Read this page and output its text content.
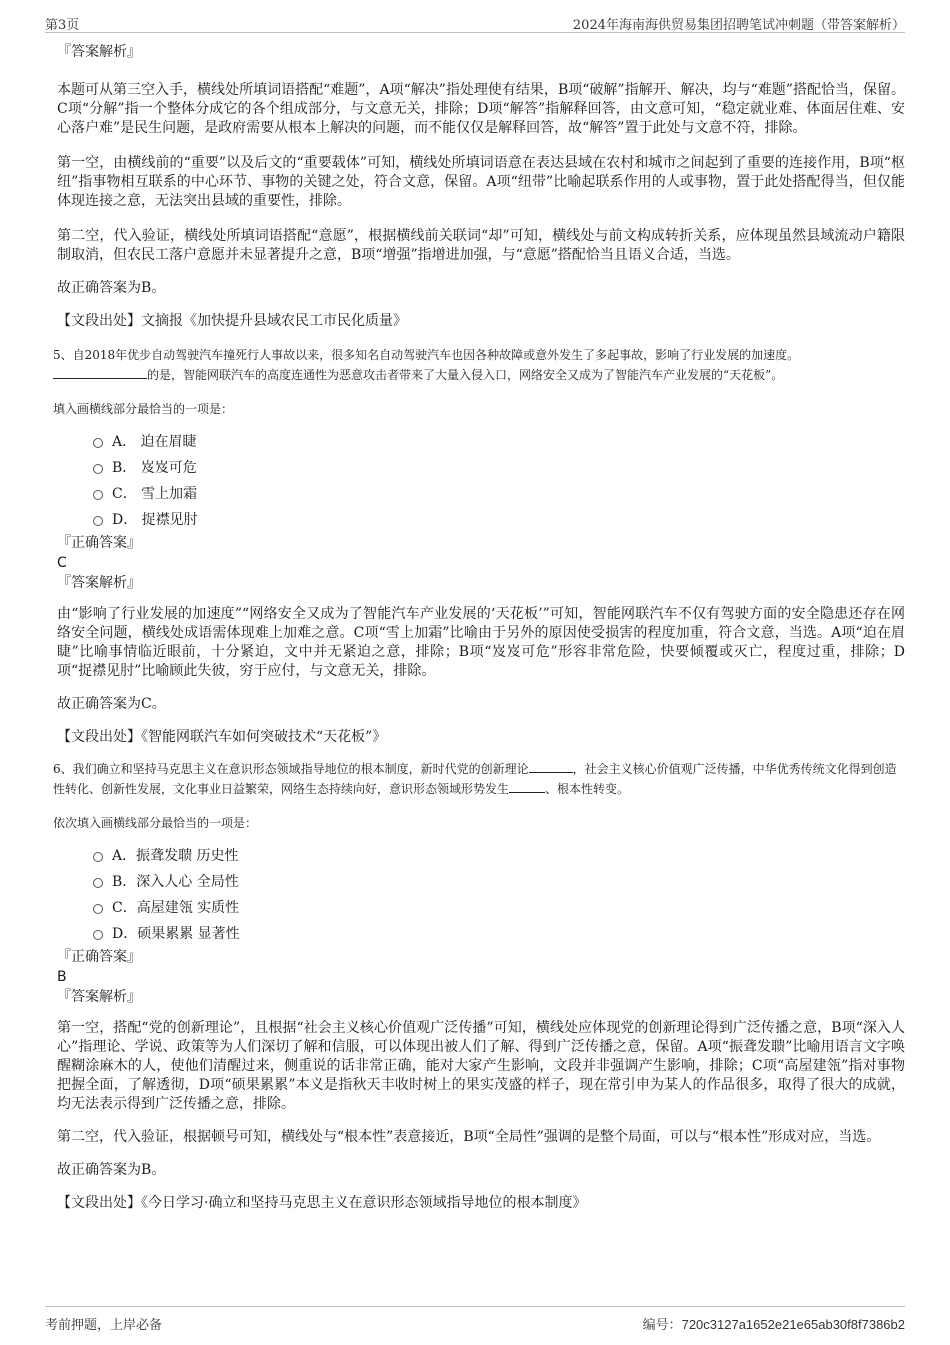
第3页	2024年海南海供贸易集团招聘笔试冲刺题（带答案解析）

『答案解析』

本题可从第三空入手，横线处所填词语搭配“难题”，A项“解决”指处理使有结果，B项“破解”指解开、解决，均与“难题”搭配恰当，保留。C项“分解”指一个整体分成它的各个组成部分，与文意无关，排除；D项“解答”指解释回答，由文意可知，“稳定就业难、体面居住难、安心落户难”是民生问题，是政府需要从根本上解决的问题，而不能仅仅是解释回答，故“解答”置于此处与文意不符，排除。

第一空，由横线前的“重要”以及后文的“重要载体”可知，横线处所填词语意在表达县域在农村和城市之间起到了重要的连接作用，B项“枢纽”指事物相互联系的中心环节、事物的关键之处，符合文意，保留。A项“纽带”比喻起联系作用的人或事物，置于此处搭配得当，但仅能体现连接之意，无法突出县域的重要性，排除。

第二空，代入验证，横线处所填词语搭配“意愿”，根据横线前关联词“却”可知，横线处与前文构成转折关系，应体现虽然县域流动户籍限制取消，但农民工落户意愿并未显著提升之意，B项“增强”指增进加强，与“意愿”搭配恰当且语义合适，当选。

故正确答案为B。

【文段出处】文摘报《加快提升县域农民工市民化质量》

5、自2018年优步自动驾驶汽车撞死行人事故以来，很多知名自动驾驶汽车也因各种故障或意外发生了多起事故，影响了行业发展的加速度。
的是，智能网联汽车的高度连通性为恶意攻击者带来了大量入侵入口，网络安全又成为了智能汽车产业发展的“天花板”。

填入画横线部分最恰当的一项是：

A． 迫在眉睫
B． 岌岌可危
C． 雪上加霜
D． 捉襟见肘

『正确答案』

C

『答案解析』

由“影响了行业发展的加速度”“网络安全又成为了智能汽车产业发展的‘天花板’”可知，智能网联汽车不仅有驾驶方面的安全隐患还存在网络安全问题，横线处成语需体现难上加难之意。C项“雪上加霜”比喻由于另外的原因使受损害的程度加重，符合文意，当选。A项“迫在眉睫”比喻事情临近眼前，十分紧迫，文中并无紧迫之意，排除；B项“岌岌可危”形容非常危险，快要倾覆或灭亡，程度过重，排除；D项“捉襟见肘”比喻顾此失彼，穷于应付，与文意无关，排除。

故正确答案为C。

【文段出处】《智能网联汽车如何突破技术“天花板”》

6、我们确立和坚持马克思主义在意识形态领域指导地位的根本制度，新时代党的创新理论	，社会主义核心价值观广泛传播，中华优秀传统文化得到创造性转化、创新性发展，文化事业日益繁荣，网络生态持续向好，意识形态领域形势发生	、根本性转变。

依次填入画横线部分最恰当的一项是：

A．振聋发聩 历史性
B．深入人心 全局性
C．高屋建瓴 实质性
D．硕果累累 显著性

『正确答案』

B

『答案解析』

第一空，搭配“党的创新理论”，且根据“社会主义核心价值观广泛传播”可知，横线处应体现党的创新理论得到广泛传播之意，B项“深入人心”指理论、学说、政策等为人们深切了解和信服，可以体现出被人们了解、得到广泛传播之意，保留。A项“振聋发聩”比喻用语言文字唤醒糊涂麻木的人，使他们清醒过来，侧重说的话非常正确，能对大家产生影响，文段并非强调产生影响，排除；C项“高屋建瓴”指对事物把握全面，了解透彻，D项“硕果累累”本义是指秋天丰收时树上的果实茂盛的样子，现在常引申为某人的作品很多，取得了很大的成就，均无法表示得到广泛传播之意，排除。

第二空，代入验证，根据顿号可知，横线处与“根本性”表意接近，B项“全局性”强调的是整个局面，可以与“根本性”形成对应，当选。

故正确答案为B。

【文段出处】《今日学习·确立和坚持马克思主义在意识形态领域指导地位的根本制度》

考前押题，上岸必备	编号：720c3127a1652e21e65ab30f8f7386b2
